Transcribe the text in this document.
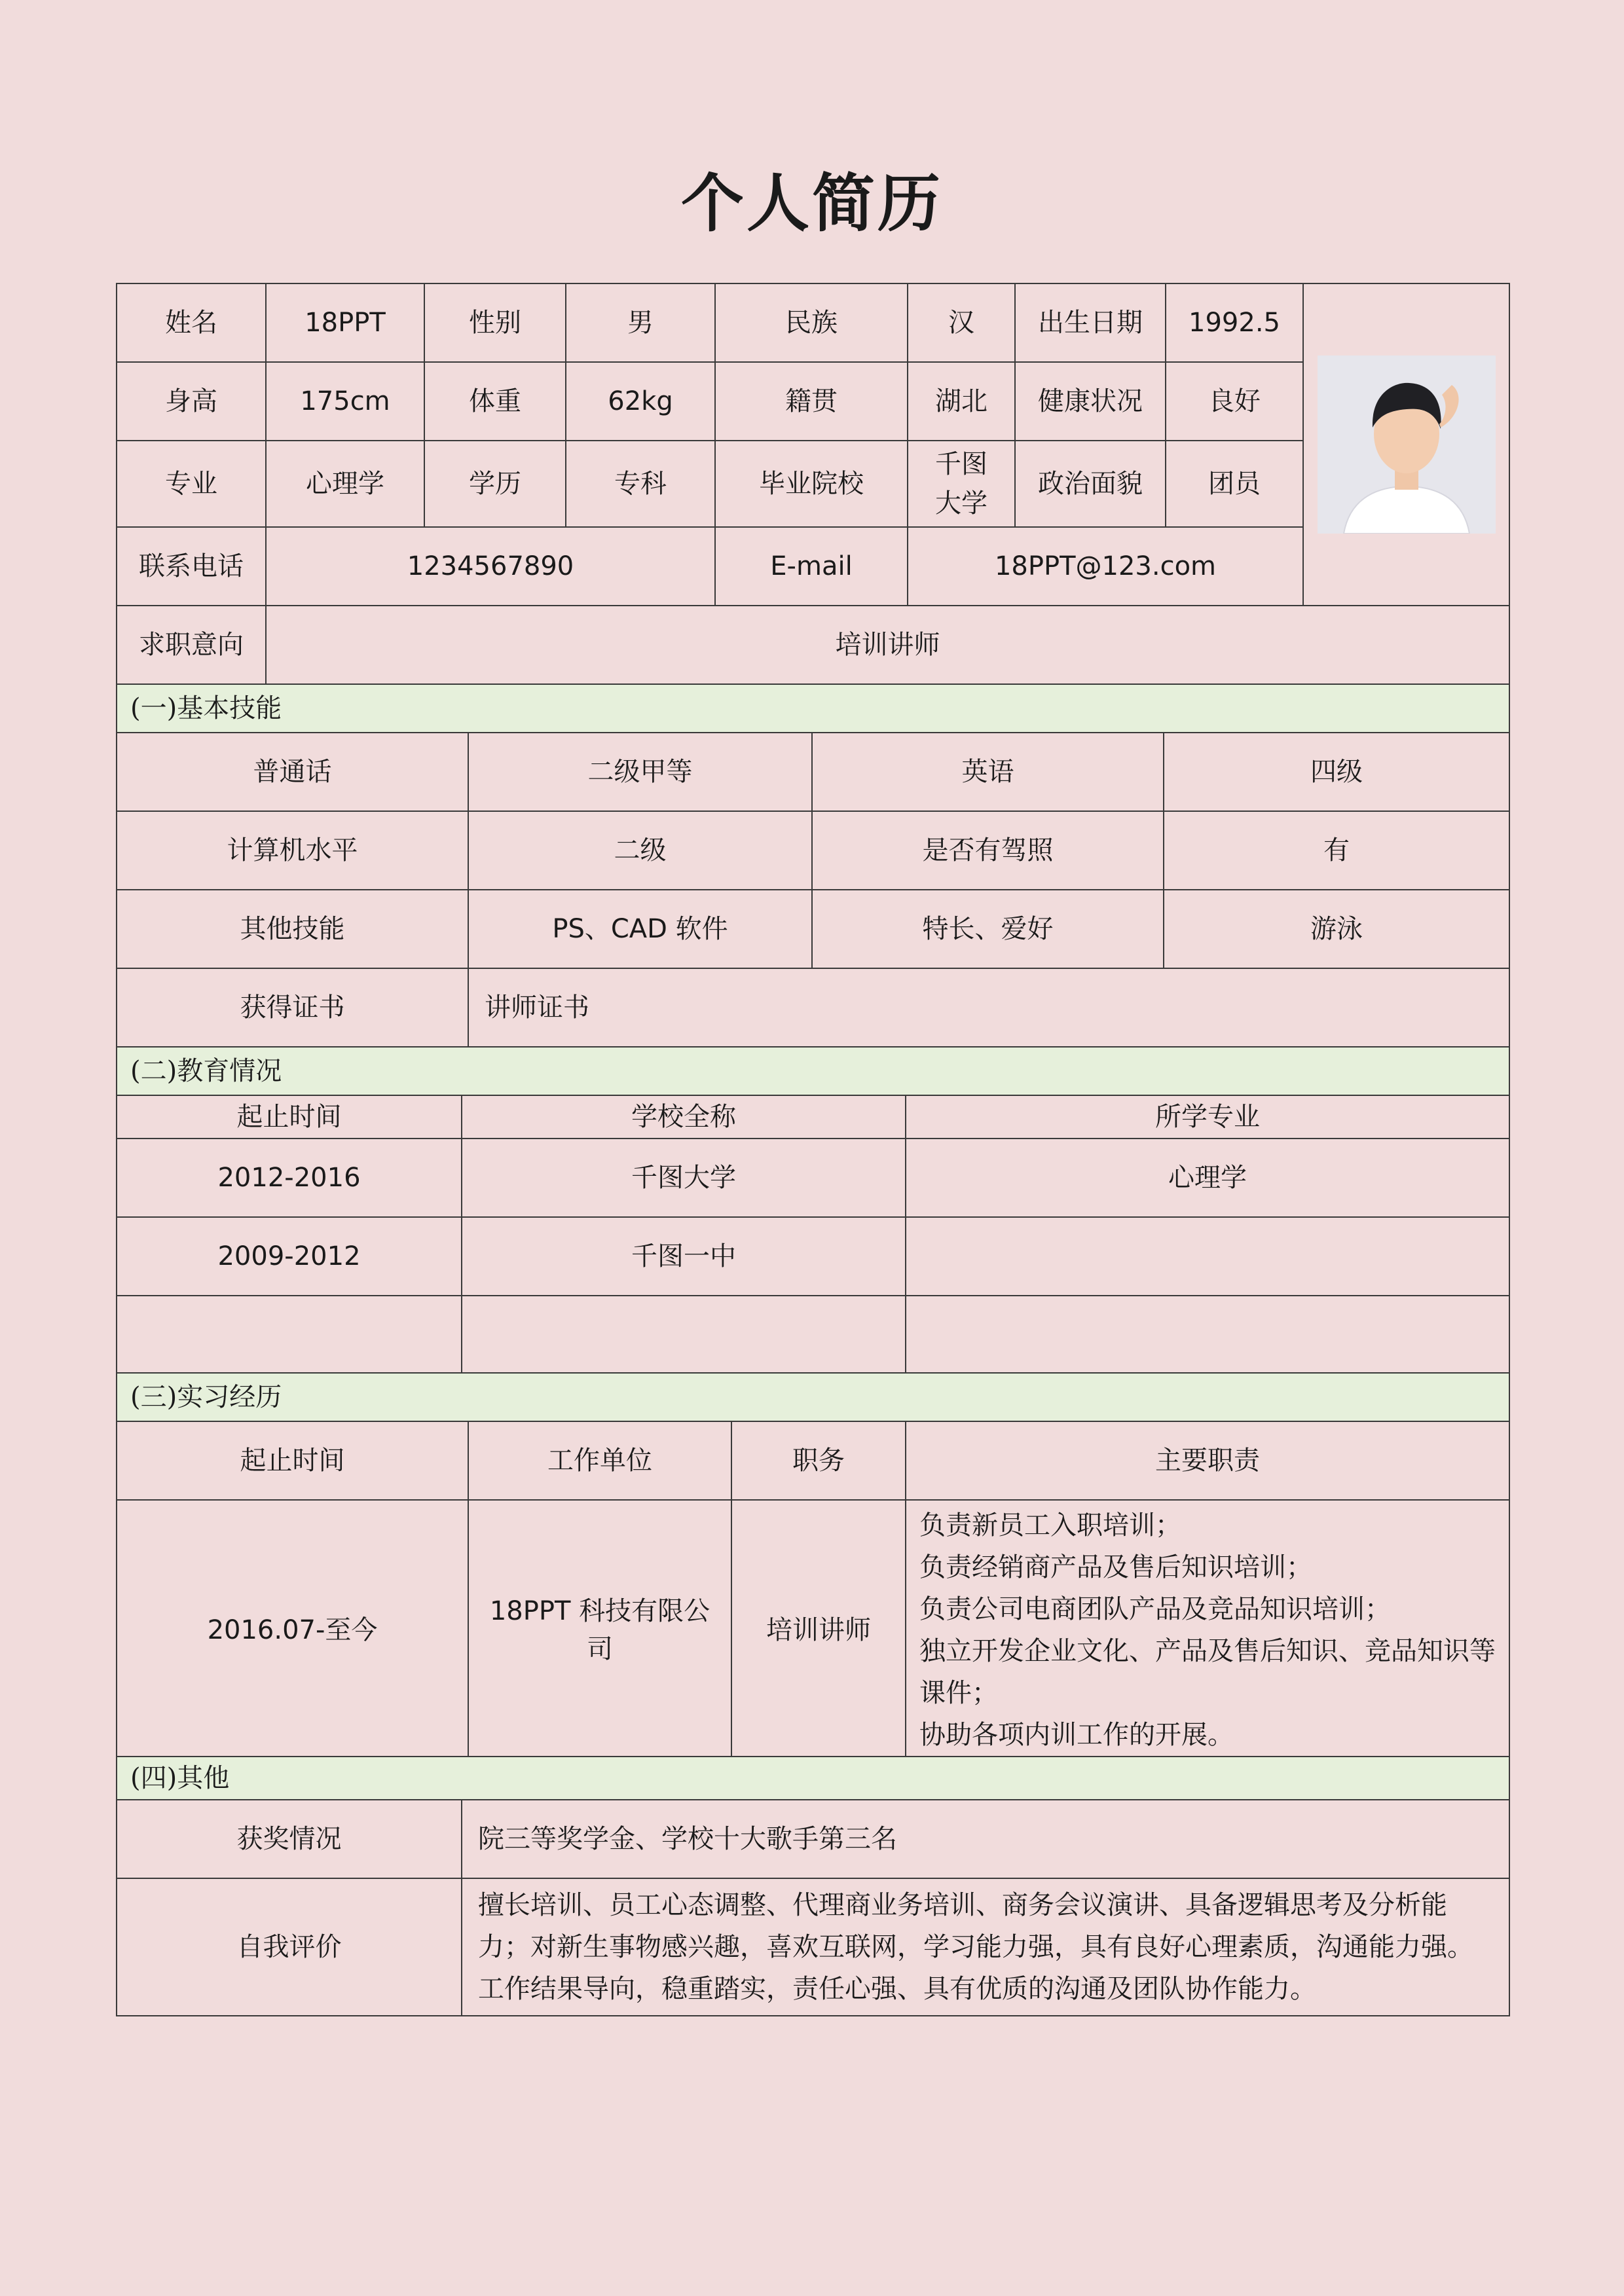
个人简历
姓名	18PPT	性别	男	民族	汉	出生日期	1992.5	

身高	175cm	体重	62kg	籍贯	湖北	健康状况	良好	
专业	心理学	学历	专科	毕业院校	千图大学	政治面貌	团员	
联系电话	1234567890			E-mail	18PPT@123.com			
求职意向	培训讲师							
(一)基本技能			
普通话	二级甲等	英语	四级
计算机水平	二级	是否有驾照	有
其他技能	PS、CAD 软件	特长、爱好	游泳
获得证书	讲师证书		
(二)教育情况		
起止时间	学校全称	所学专业
2012-2016	千图大学	心理学
2009-2012	千图一中	

(三)实习经历			
起止时间	工作单位	职务	主要职责
2016.07-至今	18PPT 科技有限公司	培训讲师	负责新员工入职培训；
负责经销商产品及售后知识培训；
负责公司电商团队产品及竞品知识培训；
独立开发企业文化、产品及售后知识、竞品知识等课件；
协助各项内训工作的开展。
(四)其他	
获奖情况	院三等奖学金、学校十大歌手第三名
自我评价	擅长培训、员工心态调整、代理商业务培训、商务会议演讲、具备逻辑思考及分析能力；对新生事物感兴趣，喜欢互联网，学习能力强，具有良好心理素质，沟通能力强。工作结果导向，稳重踏实，责任心强、具有优质的沟通及团队协作能力。
